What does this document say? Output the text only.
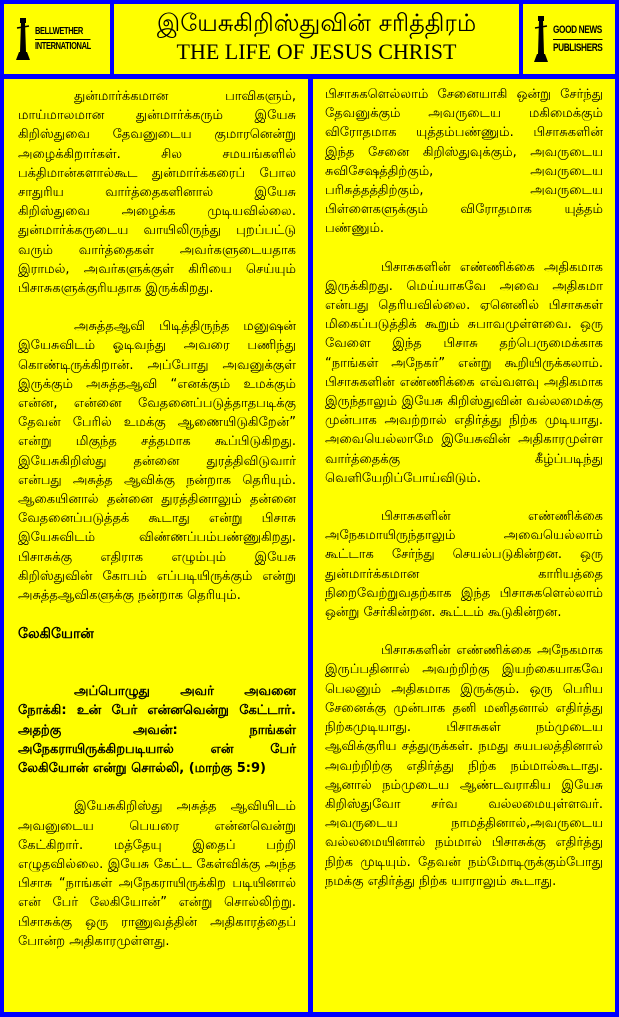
BELLWETHER
INTERNATIONAL
இயேசுகிறிஸ்துவின் சரித்திரம்
THE LIFE OF JESUS CHRIST
GOOD NEWS
PUBLISHERS

துன்மார்க்கமான பாவிகளும், மாய்மாலமான துன்மார்க்கரும் இயேசு கிறிஸ்துவை தேவனுடைய குமாரனென்று அழைக்கிறார்கள். சில சமயங்களில் பக்திமான்களால்கூட துன்மார்க்கரைப் போல சாதுரிய வார்த்தைகளினால் இயேசு கிறிஸ்துவை அழைக்க முடியவில்லை. துன்மார்க்கருடைய வாயிலிருந்து புறப்பட்டு வரும் வார்த்தைகள் அவர்களுடையதாக இராமல், அவர்களுக்குள் கிரியை செய்யும் பிசாசுகளுக்குரியதாக இருக்கிறது.

அசுத்தஆவி பிடித்திருந்த மனுஷன் இயேசுவிடம் ஓடிவந்து அவரை பணிந்து கொண்டிருக்கிறான். அப்போது அவனுக்குள் இருக்கும் அசுத்தஆவி “எனக்கும் உமக்கும் என்ன, என்னை வேதனைப்படுத்தாதபடிக்கு தேவன் பேரில் உமக்கு ஆணையிடுகிறேன்” என்று மிகுந்த சத்தமாக கூப்பிடுகிறது. இயேசுகிறிஸ்து தன்னை துரத்திவிடுவார் என்பது அசுத்த ஆவிக்கு நன்றாக தெரியும். ஆகையினால் தன்னை துரத்தினாலும் தன்னை வேதனைப்படுத்தக் கூடாது என்று பிசாசு இயேசுவிடம் விண்ணப்பம்பண்ணுகிறது. பிசாசுக்கு எதிராக எழும்பும் இயேசு கிறிஸ்துவின் கோபம் எப்படியிருக்கும் என்று அசுத்தஆவிகளுக்கு நன்றாக தெரியும்.

லேகியோன்

அப்பொழுது அவர் அவனை நோக்கி: உன் பேர் என்னவென்று கேட்டார். அதற்கு அவன்: நாங்கள் அநேகராயிருக்கிறபடியால் என் பேர் லேகியோன் என்று சொல்லி, (மாற்கு 5:9)

இயேசுகிறிஸ்து அசுத்த ஆவியிடம் அவனுடைய பெயரை என்னவென்று கேட்கிறார். மத்தேயு இதைப் பற்றி எழுதவில்லை. இயேசு கேட்ட கேள்விக்கு அந்த பிசாசு “நாங்கள் அநேகராயிருக்கிற படியினால் என் பேர் லேகியோன்” என்று சொல்லிற்று. பிசாசுக்கு ஒரு ராணுவத்தின் அதிகாரத்தைப் போன்ற அதிகாரமுள்ளது.

பிசாசுகளெல்லாம் சேனையாகி ஒன்று சேர்ந்து தேவனுக்கும் அவருடைய மகிமைக்கும் விரோதமாக யுத்தம்பண்ணும். பிசாசுகளின் இந்த சேனை கிறிஸ்துவுக்கும், அவருடைய சுவிசேஷத்திற்கும், அவருடைய பரிசுத்தத்திற்கும், அவருடைய பிள்ளைகளுக்கும் விரோதமாக யுத்தம் பண்ணும்.

பிசாசுகளின் எண்ணிக்கை அதிகமாக இருக்கிறது. மெய்யாகவே அவை அதிகமா என்பது தெரியவில்லை. ஏனெனில் பிசாசுகள் மிகைப்படுத்திக் கூறும் சுபாவமுள்ளவை. ஒரு வேளை இந்த பிசாசு தற்பெருமைக்காக “நாங்கள் அநேகர்” என்று கூறியிருக்கலாம். பிசாசுகளின் எண்ணிக்கை எவ்வளவு அதிகமாக இருந்தாலும் இயேசு கிறிஸ்துவின் வல்லமைக்கு முன்பாக அவற்றால் எதிர்த்து நிற்க முடியாது. அவையெல்லாமே இயேசுவின் அதிகாரமுள்ள வார்த்தைக்கு கீழ்ப்படிந்து வெளியேறிப்போய்விடும்.

பிசாசுகளின் எண்ணிக்கை அநேகமாயிருந்தாலும் அவையெல்லாம் கூட்டாக சேர்ந்து செயல்படுகின்றன. ஒரு துன்மார்க்கமான காரியத்தை நிறைவேற்றுவதற்காக இந்த பிசாசுகளெல்லாம் ஒன்று சேர்கின்றன. கூட்டம் கூடுகின்றன.

பிசாசுகளின் எண்ணிக்கை அநேகமாக இருப்பதினால் அவற்றிற்கு இயற்கையாகவே பெலனும் அதிகமாக இருக்கும். ஒரு பெரிய சேனைக்கு முன்பாக தனி மனிதனால் எதிர்த்து நிற்கமுடியாது. பிசாசுகள் நம்முடைய ஆவிக்குரிய சத்துருக்கள். நமது சுயபலத்தினால் அவற்றிற்கு எதிர்த்து நிற்க நம்மால்கூடாது. ஆனால் நம்முடைய ஆண்டவராகிய இயேசு கிறிஸ்துவோ சர்வ வல்லமையுள்ளவர். அவருடைய நாமத்தினால்,அவருடைய வல்லமையினால் நம்மால் பிசாசுக்கு எதிர்த்து நிற்க முடியும். தேவன் நம்மோடிருக்கும்போது நமக்கு எதிர்த்து நிற்க யாராலும் கூடாது.
